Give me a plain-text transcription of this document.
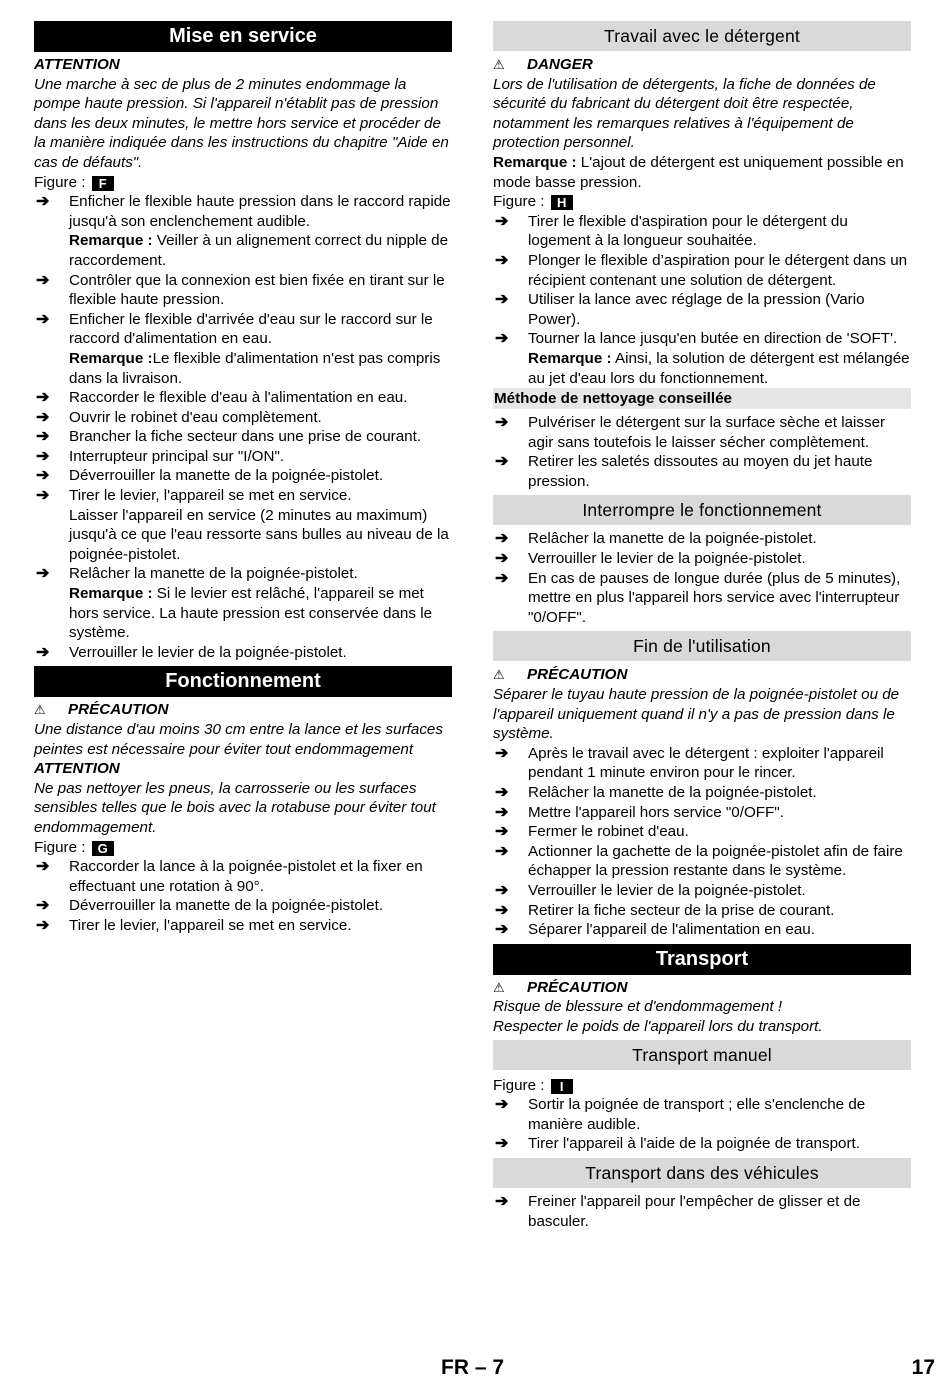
Mise en service

ATTENTION

Une marche à sec de plus de 2 minutes endommage la pompe haute pression. Si l'appareil n'établit pas de pression dans les deux minutes, le mettre hors service et procéder de la manière indiquée dans les instructions du chapitre "Aide en cas de défauts".

Figure : F

➔ Enficher le flexible haute pression dans le raccord rapide jusqu'à son enclenchement audible.
Remarque : Veiller à un alignement correct du nipple de raccordement.
➔ Contrôler que la connexion est bien fixée en tirant sur le flexible haute pression.
➔ Enficher le flexible d'arrivée d'eau sur le raccord sur le raccord d'alimentation en eau.
Remarque :Le flexible d'alimentation n'est pas compris dans la livraison.
➔ Raccorder le flexible d'eau à l'alimentation en eau.
➔ Ouvrir le robinet d'eau complètement.
➔ Brancher la fiche secteur dans une prise de courant.
➔ Interrupteur principal sur "I/ON".
➔ Déverrouiller la manette de la poignée-pistolet.
➔ Tirer le levier, l'appareil se met en service.
Laisser l'appareil en service (2 minutes au maximum) jusqu'à ce que l'eau ressorte sans bulles au niveau de la poignée-pistolet.
➔ Relâcher la manette de la poignée-pistolet.
Remarque : Si le levier est relâché, l'appareil se met hors service. La haute pression est conservée dans le système.
➔ Verrouiller le levier de la poignée-pistolet.
Fonctionnement

⚠ PRÉCAUTION

Une distance d'au moins 30 cm entre la lance et les surfaces peintes est nécessaire pour éviter tout endommagement

ATTENTION

Ne pas nettoyer les pneus, la carrosserie ou les surfaces sensibles telles que le bois avec la rotabuse pour éviter tout endommagement.

Figure : G

➔ Raccorder la lance à la poignée-pistolet et la fixer en effectuant une rotation à 90°.
➔ Déverrouiller la manette de la poignée-pistolet.
➔ Tirer le levier, l'appareil se met en service.
Travail avec le détergent

⚠ DANGER

Lors de l'utilisation de détergents, la fiche de données de sécurité du fabricant du détergent doit être respectée, notamment les remarques relatives à l'équipement de protection personnel.

Remarque : L'ajout de détergent est uniquement possible en mode basse pression.

Figure : H

➔ Tirer le flexible d'aspiration pour le détergent du logement à la longueur souhaitée.
➔ Plonger le flexible d’aspiration pour le détergent dans un récipient contenant une solution de détergent.
➔ Utiliser la lance avec réglage de la pression (Vario Power).
➔ Tourner la lance jusqu'en butée en direction de 'SOFT'.
Remarque : Ainsi, la solution de détergent est mélangée au jet d'eau lors du fonctionnement.
Méthode de nettoyage conseillée
➔ Pulvériser le détergent sur la surface sèche et laisser agir sans toutefois le laisser sécher complètement.
➔ Retirer les saletés dissoutes au moyen du jet haute pression.
Interrompre le fonctionnement
➔ Relâcher la manette de la poignée-pistolet.
➔ Verrouiller le levier de la poignée-pistolet.
➔ En cas de pauses de longue durée (plus de 5 minutes), mettre en plus l'appareil hors service avec l'interrupteur "0/OFF".
Fin de l'utilisation

⚠ PRÉCAUTION

Séparer le tuyau haute pression de la poignée-pistolet ou de l'appareil uniquement quand il n'y a pas de pression dans le système.

➔ Après le travail avec le détergent : exploiter l'appareil pendant 1 minute environ pour le rincer.
➔ Relâcher la manette de la poignée-pistolet.
➔ Mettre l'appareil hors service "0/OFF".
➔ Fermer le robinet d'eau.
➔ Actionner la gachette de la poignée-pistolet afin de faire échapper la pression restante dans le système.
➔ Verrouiller le levier de la poignée-pistolet.
➔ Retirer la fiche secteur de la prise de courant.
➔ Séparer l'appareil de l'alimentation en eau.
Transport

⚠ PRÉCAUTION

Risque de blessure et d'endommagement !

Respecter le poids de l'appareil lors du transport.

Transport manuel

Figure : I

➔ Sortir la poignée de transport ; elle s'enclenche de manière audible.
➔ Tirer l'appareil à l'aide de la poignée de transport.
Transport dans des véhicules
➔ Freiner l'appareil pour l'empêcher de glisser et de basculer.
FR – 7	17
